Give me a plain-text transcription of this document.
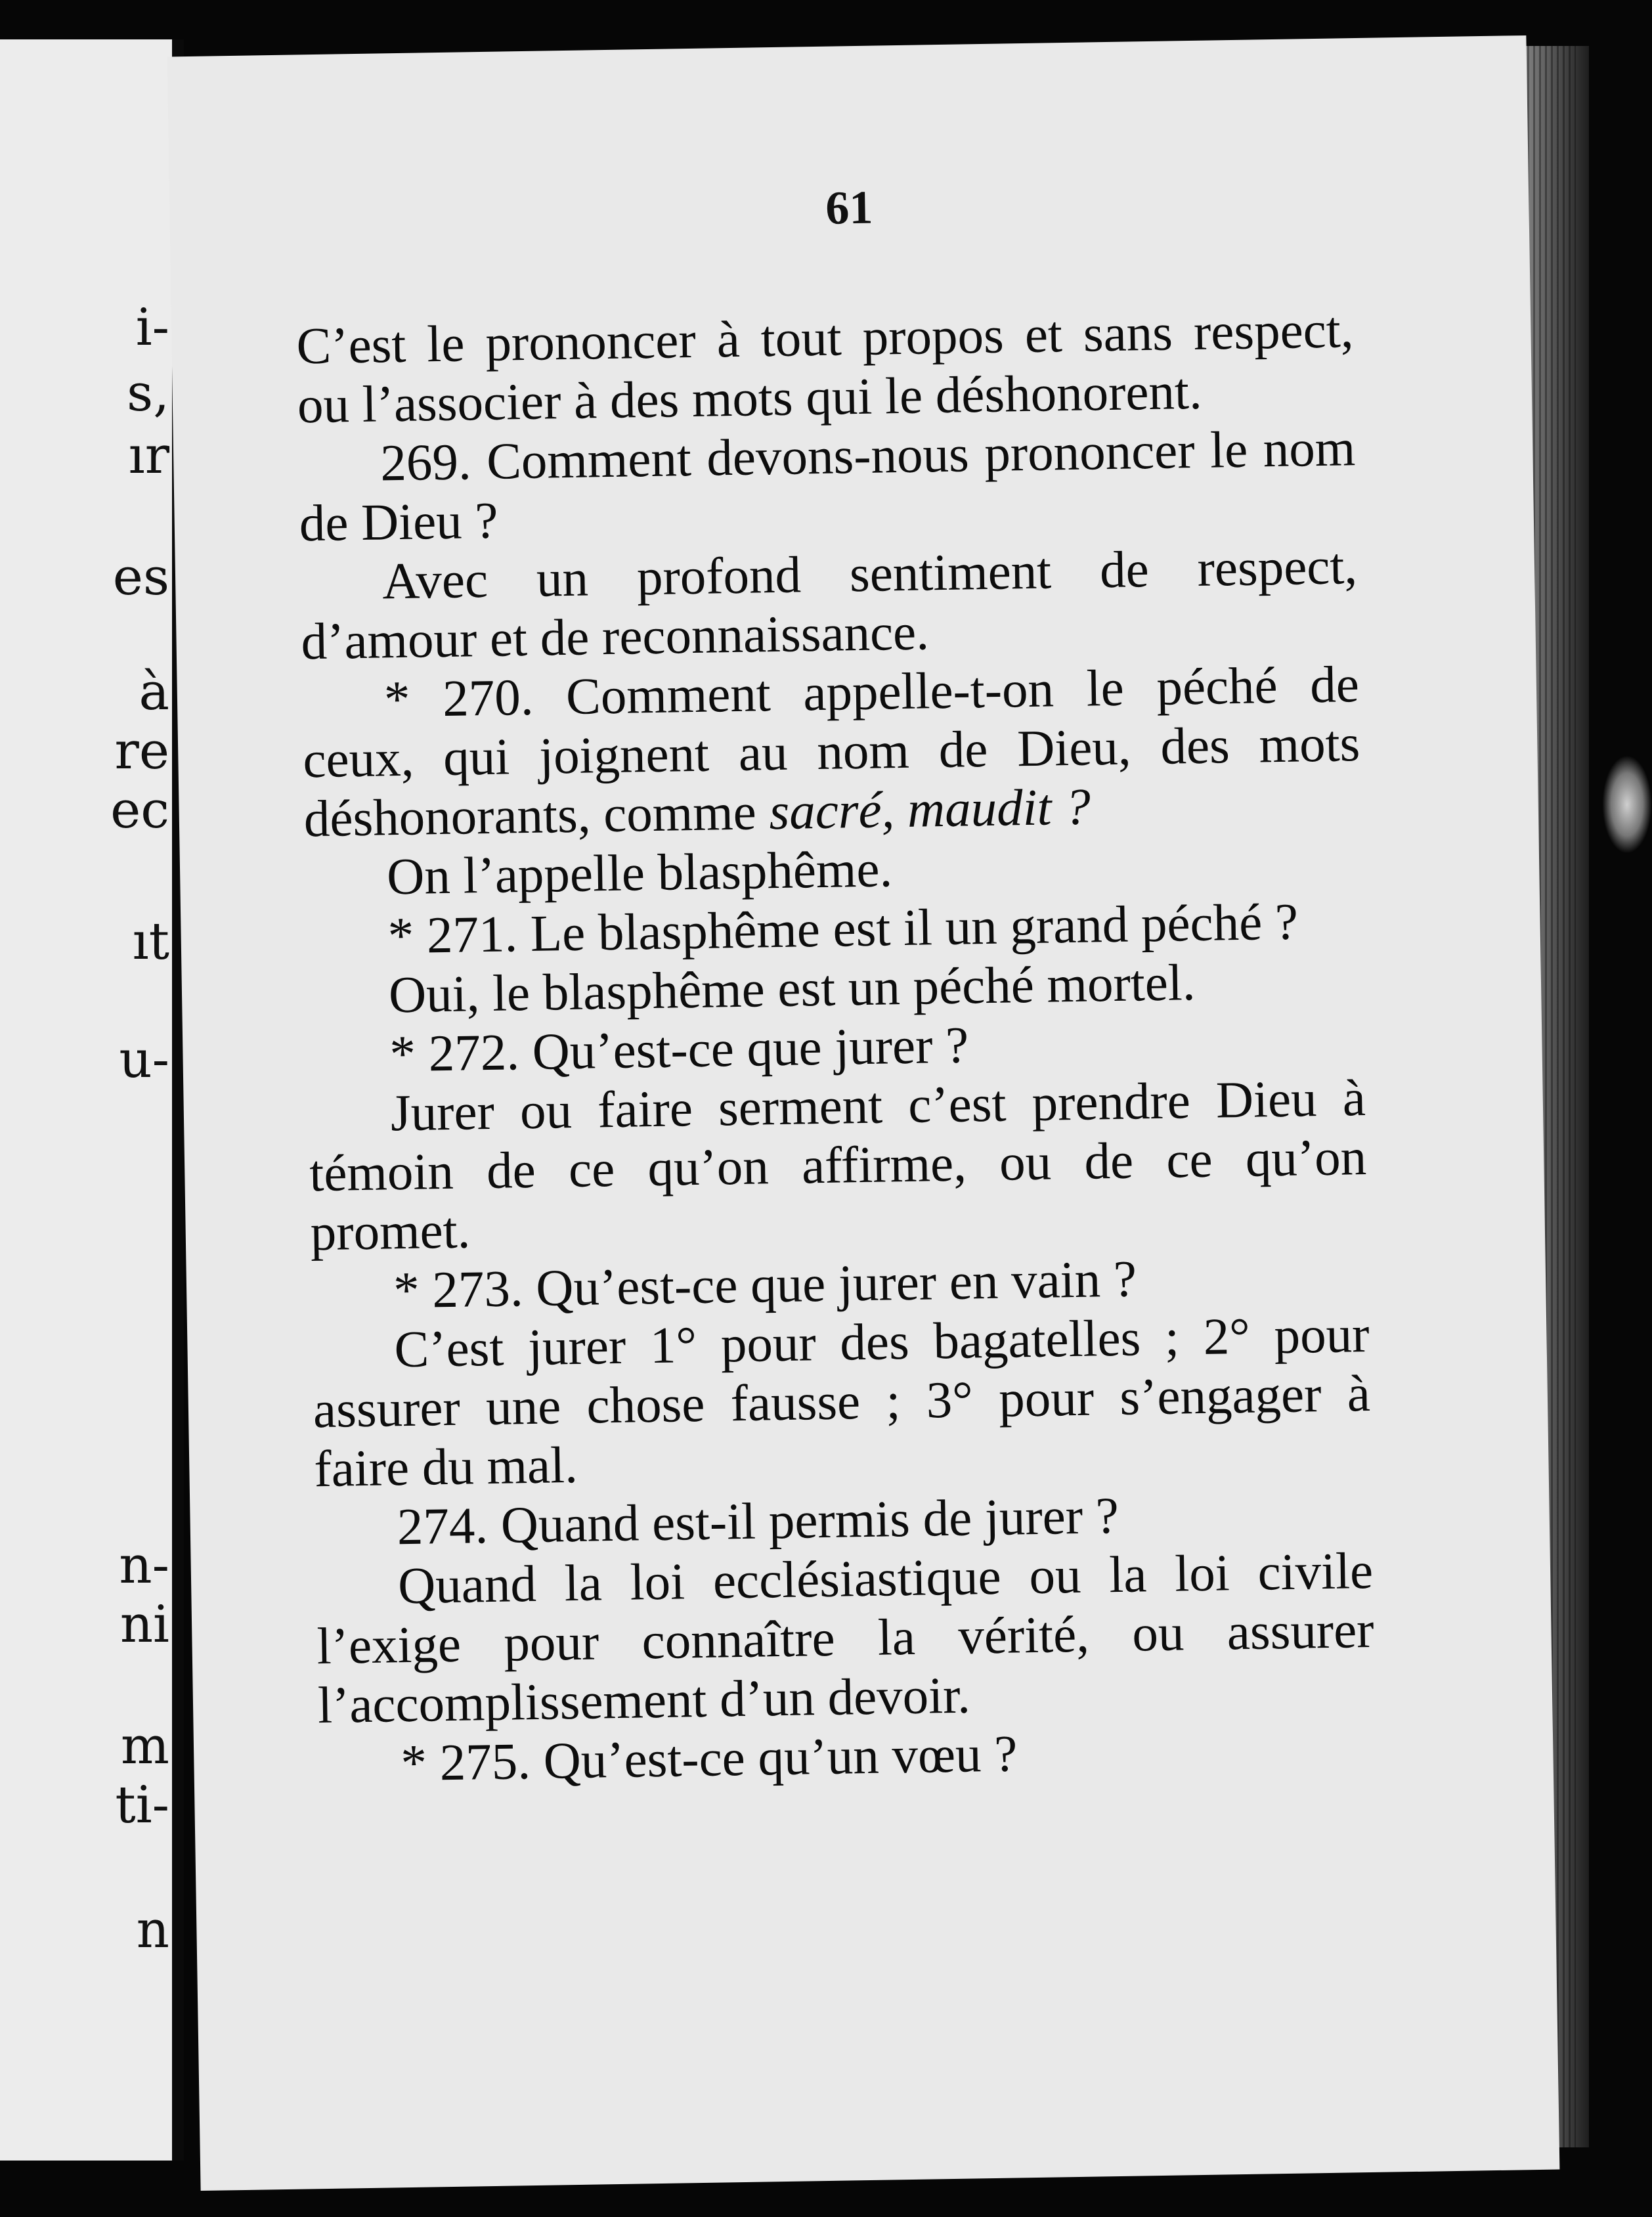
i-
s,
ır
es
à
re
ec
ıt
u-
n-
ni
m
ti-
n
61

C’est le prononcer à tout propos et sans respect, ou l’associer à des mots qui le déshonorent.

269. Comment devons-nous prononcer le nom de Dieu ?

Avec un profond sentiment de respect, d’amour et de reconnaissance.

* 270. Comment appelle-t-on le péché de ceux, qui joignent au nom de Dieu, des mots déshonorants, comme sacré, maudit ?

On l’appelle blasphême.

* 271. Le blasphême est il un grand péché ?

Oui, le blasphême est un péché mortel.

* 272. Qu’est-ce que jurer ?

Jurer ou faire serment c’est prendre Dieu à témoin de ce qu’on affirme, ou de ce qu’on promet.

* 273. Qu’est-ce que jurer en vain ?

C’est jurer 1° pour des bagatelles ; 2° pour assurer une chose fausse ; 3° pour s’engager à faire du mal.

274. Quand est-il permis de jurer ?

Quand la loi ecclésiastique ou la loi civile l’exige pour connaître la vérité, ou assurer l’accomplissement d’un devoir.

* 275. Qu’est-ce qu’un vœu ?
